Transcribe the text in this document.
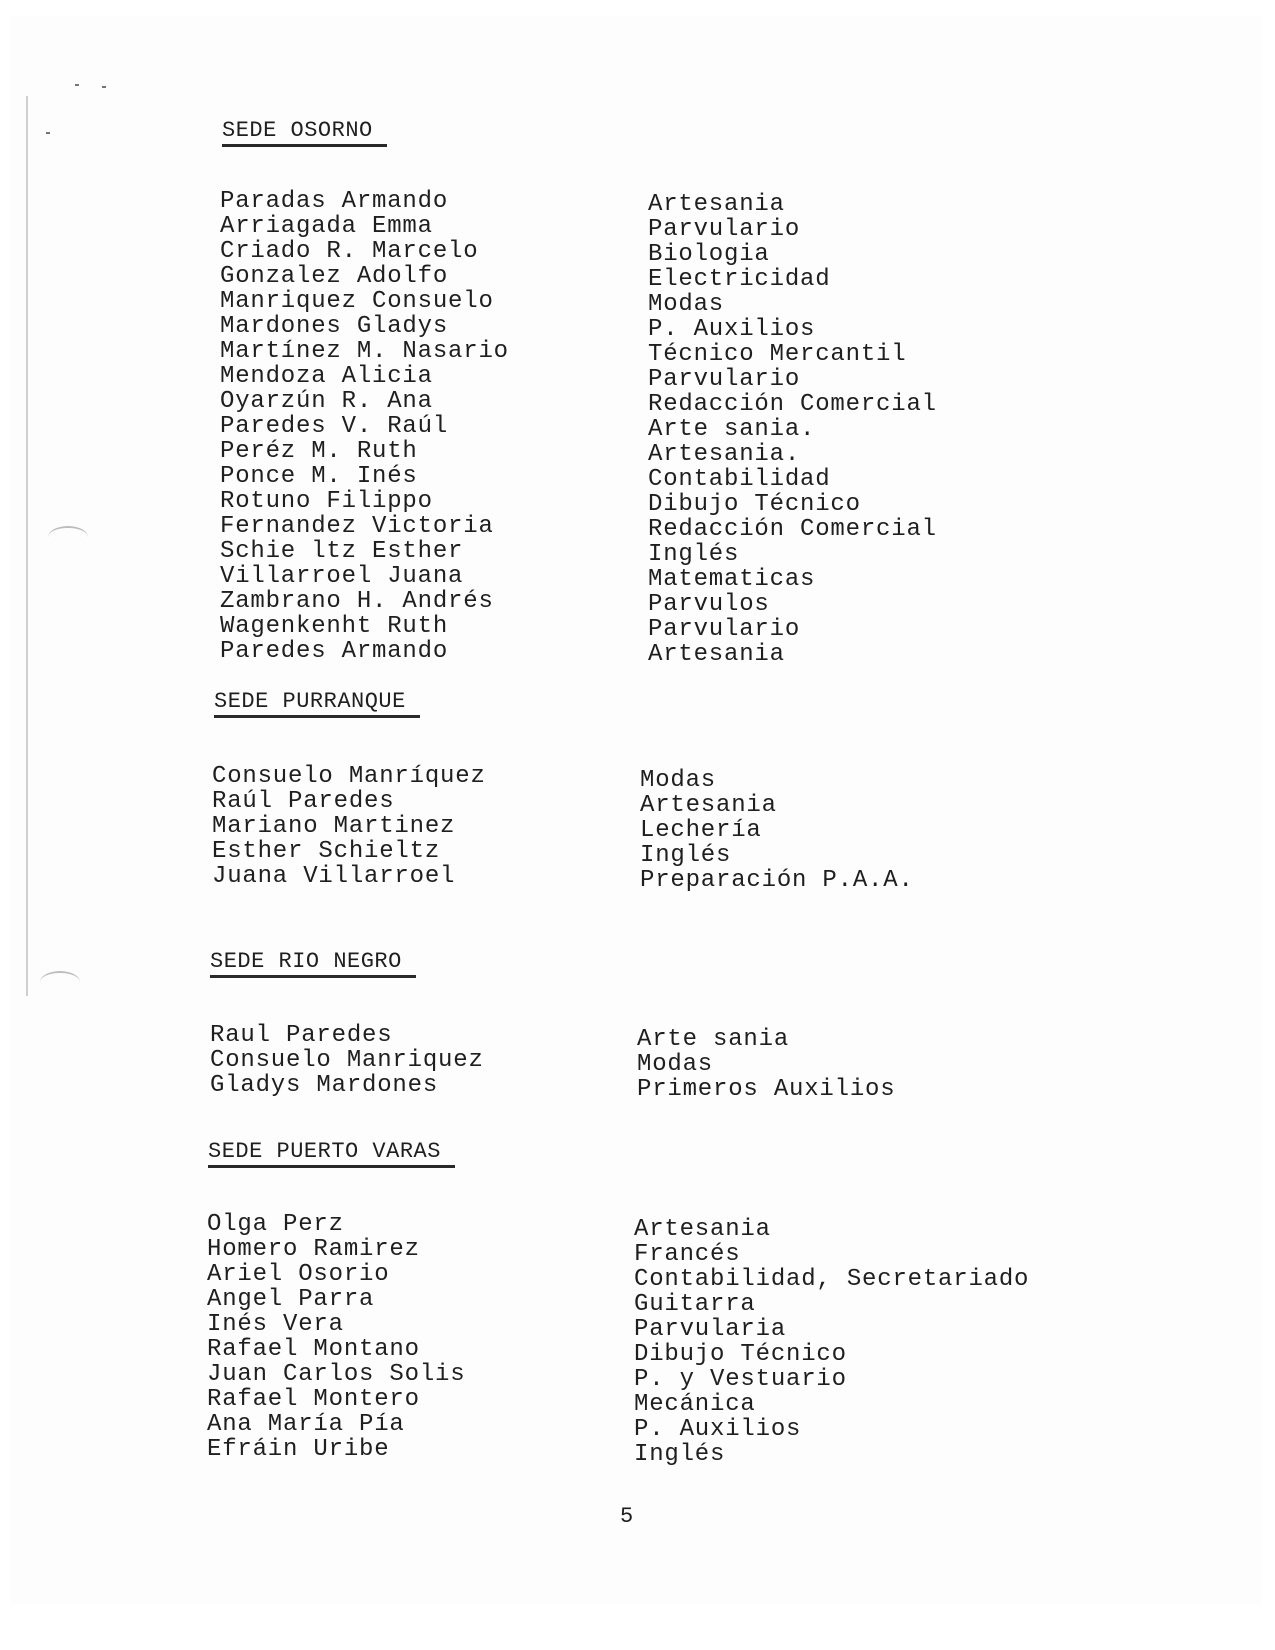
SEDE OSORNO
Paradas Armando
Arriagada Emma
Criado R. Marcelo
Gonzalez Adolfo
Manriquez Consuelo
Mardones Gladys
Martínez M. Nasario
Mendoza Alicia
Oyarzún R. Ana
Paredes V. Raúl
Peréz M. Ruth
Ponce M. Inés
Rotuno Filippo
Fernandez Victoria
Schie ltz Esther
Villarroel Juana
Zambrano H. Andrés
Wagenkenht Ruth
Paredes Armando
Artesania
Parvulario
Biologia
Electricidad
Modas
P. Auxilios
Técnico Mercantil
Parvulario
Redacción Comercial
Arte sania.
Artesania.
Contabilidad
Dibujo Técnico
Redacción Comercial
Inglés
Matematicas
Parvulos
Parvulario
Artesania
SEDE PURRANQUE
Consuelo Manríquez
Raúl Paredes
Mariano Martinez
Esther Schieltz
Juana Villarroel
Modas
Artesania
Lechería
Inglés
Preparación P.A.A.
SEDE RIO NEGRO
Raul Paredes
Consuelo Manriquez
Gladys Mardones
Arte sania
Modas
Primeros Auxilios
SEDE PUERTO VARAS
Olga Perz
Homero Ramirez
Ariel Osorio
Angel Parra
Inés Vera
Rafael Montano
Juan Carlos Solis
Rafael Montero
Ana María Pía
Efráin Uribe
Artesania
Francés
Contabilidad, Secretariado
Guitarra
Parvularia
Dibujo Técnico
P. y Vestuario
Mecánica
P. Auxilios
Inglés
5
